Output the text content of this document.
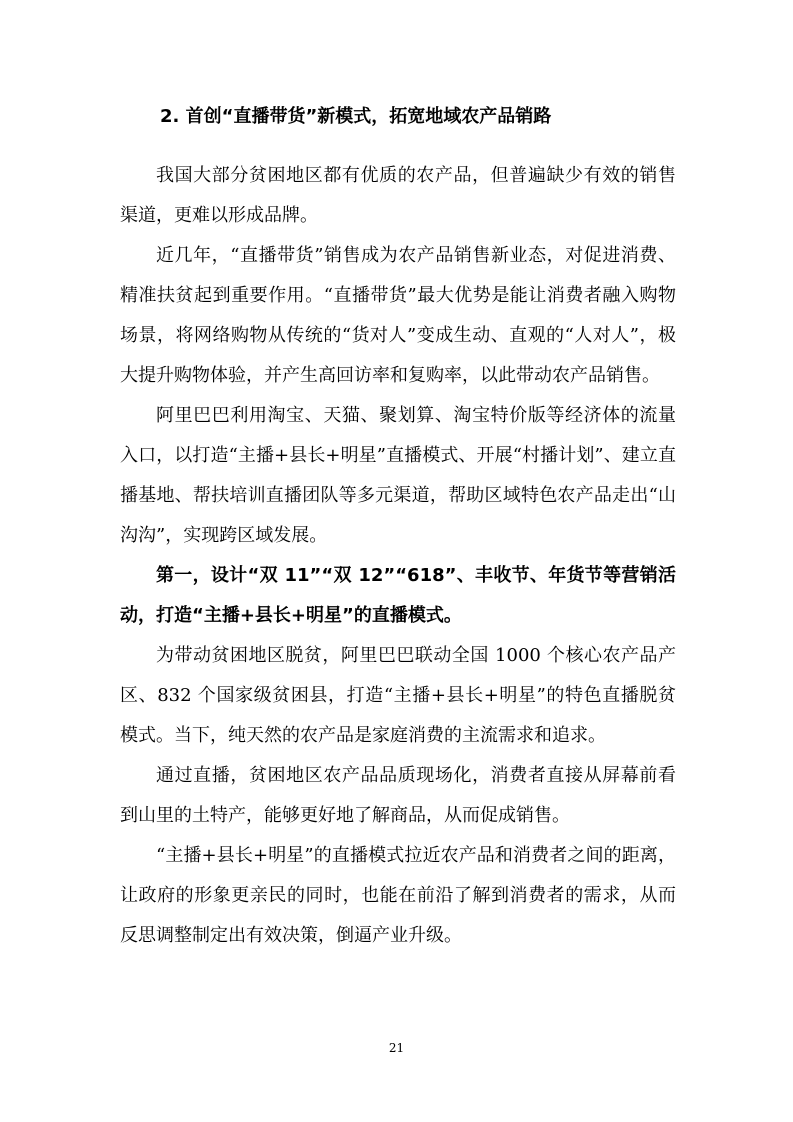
2. 首创“直播带货”新模式，拓宽地域农产品销路

我国大部分贫困地区都有优质的农产品，但普遍缺少有效的销售渠道，更难以形成品牌。

近几年，“直播带货”销售成为农产品销售新业态，对促进消费、精准扶贫起到重要作用。“直播带货”最大优势是能让消费者融入购物场景，将网络购物从传统的“货对人”变成生动、直观的“人对人”，极大提升购物体验，并产生高回访率和复购率，以此带动农产品销售。

阿里巴巴利用淘宝、天猫、聚划算、淘宝特价版等经济体的流量入口，以打造“主播+县长+明星”直播模式、开展“村播计划”、建立直播基地、帮扶培训直播团队等多元渠道，帮助区域特色农产品走出“山沟沟”，实现跨区域发展。

第一，设计“双 11”“双 12”“618”、丰收节、年货节等营销活动，打造“主播+县长+明星”的直播模式。

为带动贫困地区脱贫，阿里巴巴联动全国 1000 个核心农产品产区、832 个国家级贫困县，打造“主播+县长+明星”的特色直播脱贫模式。当下，纯天然的农产品是家庭消费的主流需求和追求。

通过直播，贫困地区农产品品质现场化，消费者直接从屏幕前看到山里的土特产，能够更好地了解商品，从而促成销售。

“主播+县长+明星”的直播模式拉近农产品和消费者之间的距离，让政府的形象更亲民的同时，也能在前沿了解到消费者的需求，从而反思调整制定出有效决策，倒逼产业升级。

21
